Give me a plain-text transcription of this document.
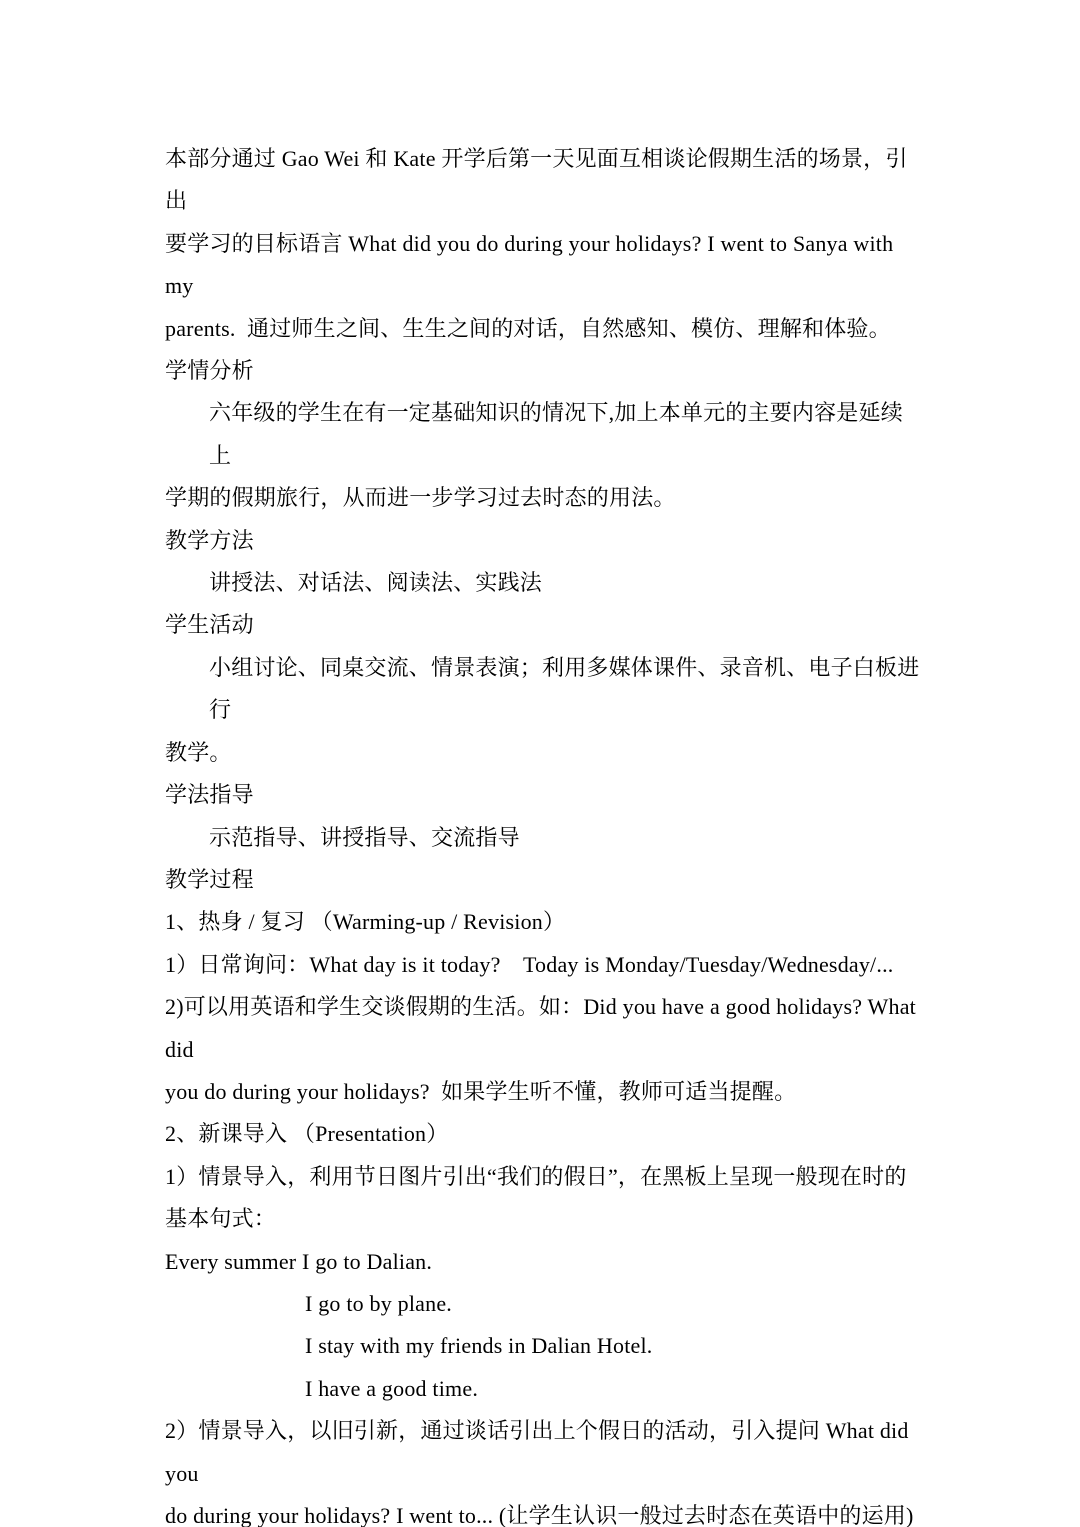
本部分通过 Gao Wei 和 Kate 开学后第一天见面互相谈论假期生活的场景，引出
要学习的目标语言 What did you do during your holidays? I went to Sanya with my
parents.  通过师生之间、生生之间的对话，自然感知、模仿、理解和体验。
学情分析
六年级的学生在有一定基础知识的情况下,加上本单元的主要内容是延续上
学期的假期旅行，从而进一步学习过去时态的用法。
教学方法
讲授法、对话法、阅读法、实践法
学生活动
小组讨论、同桌交流、情景表演；利用多媒体课件、录音机、电子白板进行
教学。
学法指导
示范指导、讲授指导、交流指导
教学过程
1、热身 / 复习 （Warming-up / Revision）
1）日常询问：What day is it today?    Today is Monday/Tuesday/Wednesday/...
2)可以用英语和学生交谈假期的生活。如：Did you have a good holidays? What did
you do during your holidays?  如果学生听不懂，教师可适当提醒。
2、新课导入 （Presentation）
1）情景导入，利用节日图片引出“我们的假日”，在黑板上呈现一般现在时的
基本句式：
Every summer I go to Dalian.
I go to by plane.
I stay with my friends in Dalian Hotel.
I have a good time.
2）情景导入，以旧引新，通过谈话引出上个假日的活动，引入提问 What did you
do during your holidays? I went to... (让学生认识一般过去时态在英语中的运用)
